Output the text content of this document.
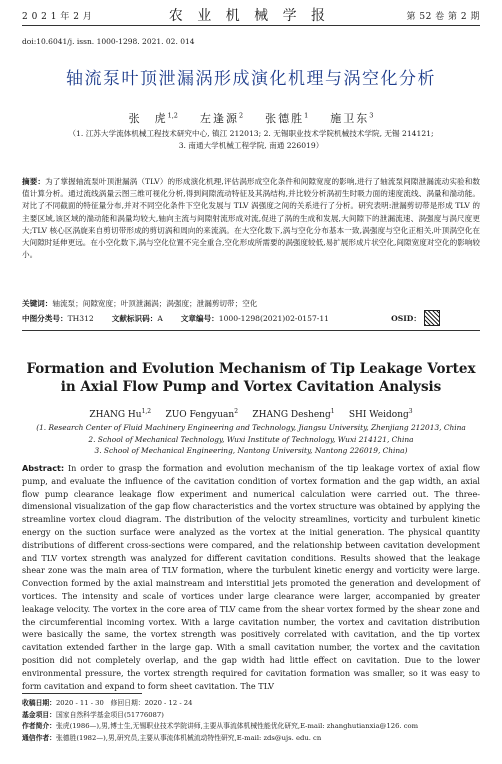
2 0 2 1 年 2 月	农 业 机 械 学 报	第 52 卷 第 2 期
doi:10.6041/j. issn. 1000-1298. 2021. 02. 014
轴流泵叶顶泄漏涡形成演化机理与涡空化分析
张　虎$^{1,2}$ 左逢源$^2$ 张德胜$^1$ 施卫东$^3$
（1. 江苏大学流体机械工程技术研究中心, 镇江 212013; 2. 无锡职业技术学院机械技术学院, 无锡 214121;
3. 南通大学机械工程学院, 南通 226019）
摘要：为了掌握轴流泵叶顶泄漏涡（TLV）的形成演化机理,评估涡形成空化条件和间隙宽度的影响,进行了轴流泵间隙泄漏流动实验和数值计算分析。通过流线涡量云图三维可视化分析,得到间隙流动特征及其涡结构,并比较分析涡初生时吸力面的速度流线、涡量和湍动能。对比了不同截面的特征量分布,并对不同空化条件下空化发展与 TLV 涡强度之间的关系进行了分析。研究表明:泄漏剪切带是形成 TLV 的主要区域,该区域的湍动能和涡量均较大,轴向主流与间隙射流形成对流,促进了涡的生成和发展,大间隙下的泄漏流速、涡强度与涡尺度更大;TLV 核心区涡旋来自剪切带形成的剪切涡和周向的来流涡。在大空化数下,涡与空化分布基本一致,涡强度与空化正相关,叶顶涡空化在大间隙时延伸更远。在小空化数下,涡与空化位置不完全重合,空化形成所需要的涡强度较低,易扩展形成片状空化,间隙宽度对空化的影响较小。
关键词：轴流泵；间隙宽度；叶顶泄漏涡；涡强度；泄漏剪切带；空化
中图分类号：TH312 文献标识码：A 文章编号：1000-1298(2021)02-0157-11	OSID：
Formation and Evolution Mechanism of Tip Leakage Vortex
in Axial Flow Pump and Vortex Cavitation Analysis
ZHANG Hu$^{1,2}$ ZUO Fengyuan$^2$ ZHANG Desheng$^1$ SHI Weidong$^3$
(1. Research Center of Fluid Machinery Engineering and Technology, Jiangsu University, Zhenjiang 212013, China
2. School of Mechanical Technology, Wuxi Institute of Technology, Wuxi 214121, China
3. School of Mechanical Engineering, Nantong University, Nantong 226019, China)
Abstract: In order to grasp the formation and evolution mechanism of the tip leakage vortex of axial flow pump, and evaluate the influence of the cavitation condition of vortex formation and the gap width, an axial flow pump clearance leakage flow experiment and numerical calculation were carried out. The three-dimensional visualization of the gap flow characteristics and the vortex structure was obtained by applying the streamline vortex cloud diagram. The distribution of the velocity streamlines, vorticity and turbulent kinetic energy on the suction surface were analyzed as the vortex at the initial generation. The physical quantity distributions of different cross-sections were compared, and the relationship between cavitation development and TLV vortex strength was analyzed for different cavitation conditions. Results showed that the leakage shear zone was the main area of TLV formation, where the turbulent kinetic energy and vorticity were large. Convection formed by the axial mainstream and interstitial jets promoted the generation and development of vortices. The intensity and scale of vortices under large clearance were larger, accompanied by greater leakage velocity. The vortex in the core area of TLV came from the shear vortex formed by the shear zone and the circumferential incoming vortex. With a large cavitation number, the vortex and cavitation distribution were basically the same, the vortex strength was positively correlated with cavitation, and the tip vortex cavitation extended farther in the large gap. With a small cavitation number, the vortex and the cavitation position did not completely overlap, and the gap width had little effect on cavitation. Due to the lower environmental pressure, the vortex strength required for cavitation formation was smaller, so it was easy to form cavitation and expand to form sheet cavitation. The TLV
收稿日期：2020 - 11 - 30　修回日期：2020 - 12 - 24
基金项目：国家自然科学基金项目(51776087)
作者简介：张虎(1986—),男,博士生,无锡职业技术学院讲师,主要从事流体机械性能优化研究,E-mail: zhanghutianxia@126. com
通信作者：张德胜(1982—),男,研究员,主要从事流体机械流动特性研究,E-mail: zds@ujs. edu. cn
